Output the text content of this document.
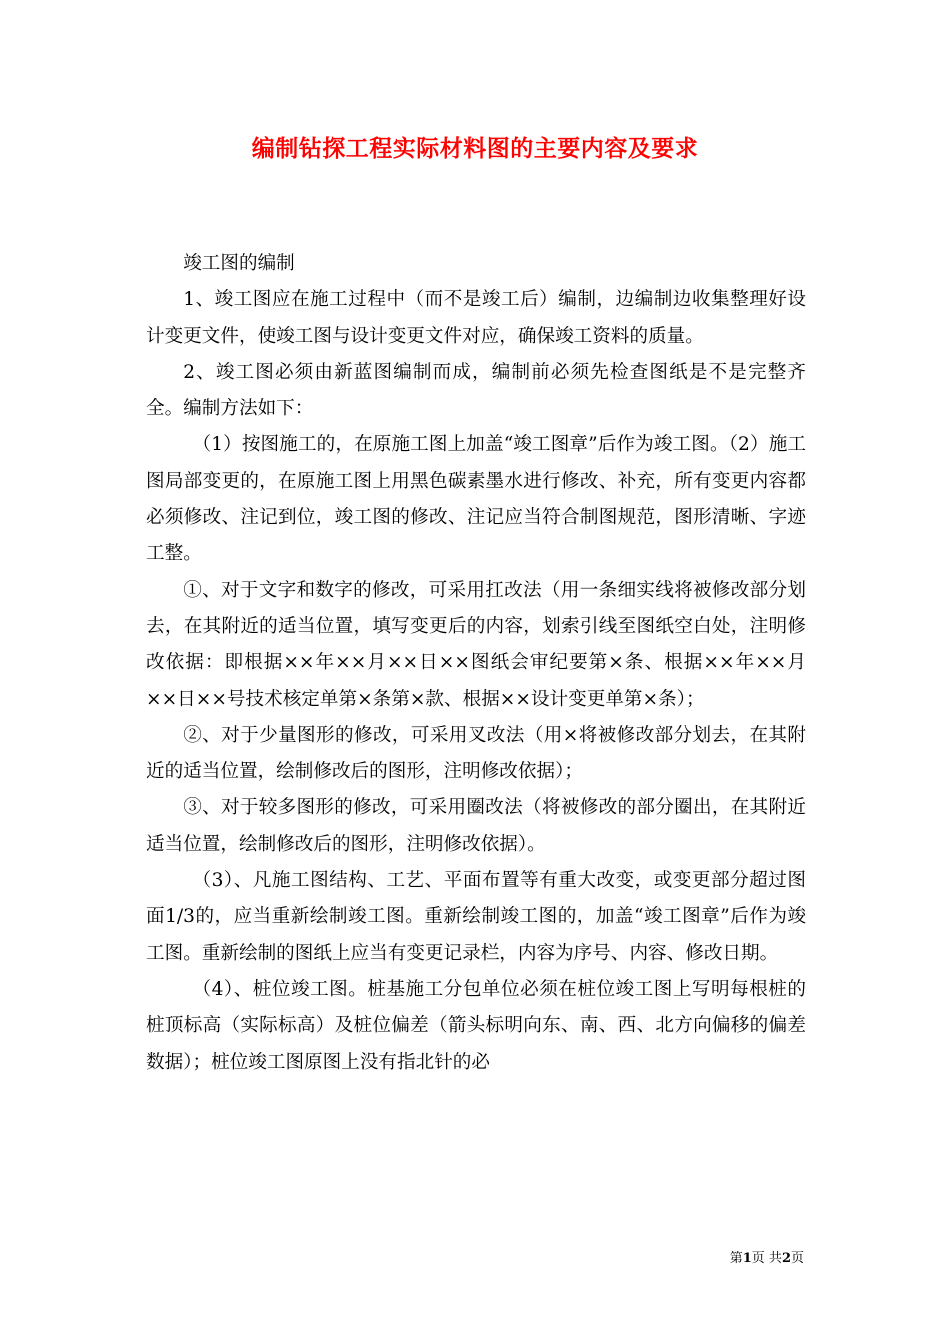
编制钻探工程实际材料图的主要内容及要求

竣工图的编制

1、竣工图应在施工过程中（而不是竣工后）编制，边编制边收集整理好设计变更文件，使竣工图与设计变更文件对应，确保竣工资料的质量。

2、竣工图必须由新蓝图编制而成，编制前必须先检查图纸是不是完整齐全。编制方法如下：

（1）按图施工的，在原施工图上加盖“竣工图章”后作为竣工图。（2）施工图局部变更的，在原施工图上用黑色碳素墨水进行修改、补充，所有变更内容都必须修改、注记到位，竣工图的修改、注记应当符合制图规范，图形清晰、字迹工整。

①、对于文字和数字的修改，可采用扛改法（用一条细实线将被修改部分划去，在其附近的适当位置，填写变更后的内容，划索引线至图纸空白处，注明修改依据：即根据××年××月××日××图纸会审纪要第×条、根据××年××月××日××号技术核定单第×条第×款、根据××设计变更单第×条）；

②、对于少量图形的修改，可采用叉改法（用×将被修改部分划去，在其附近的适当位置，绘制修改后的图形，注明修改依据）；

③、对于较多图形的修改，可采用圈改法（将被修改的部分圈出，在其附近适当位置，绘制修改后的图形，注明修改依据）。

（3）、凡施工图结构、工艺、平面布置等有重大改变，或变更部分超过图面1/3的，应当重新绘制竣工图。重新绘制竣工图的，加盖“竣工图章”后作为竣工图。重新绘制的图纸上应当有变更记录栏，内容为序号、内容、修改日期。

（4）、桩位竣工图。桩基施工分包单位必须在桩位竣工图上写明每根桩的桩顶标高（实际标高）及桩位偏差（箭头标明向东、南、西、北方向偏移的偏差数据）；桩位竣工图原图上没有指北针的必

第1页 共2页
